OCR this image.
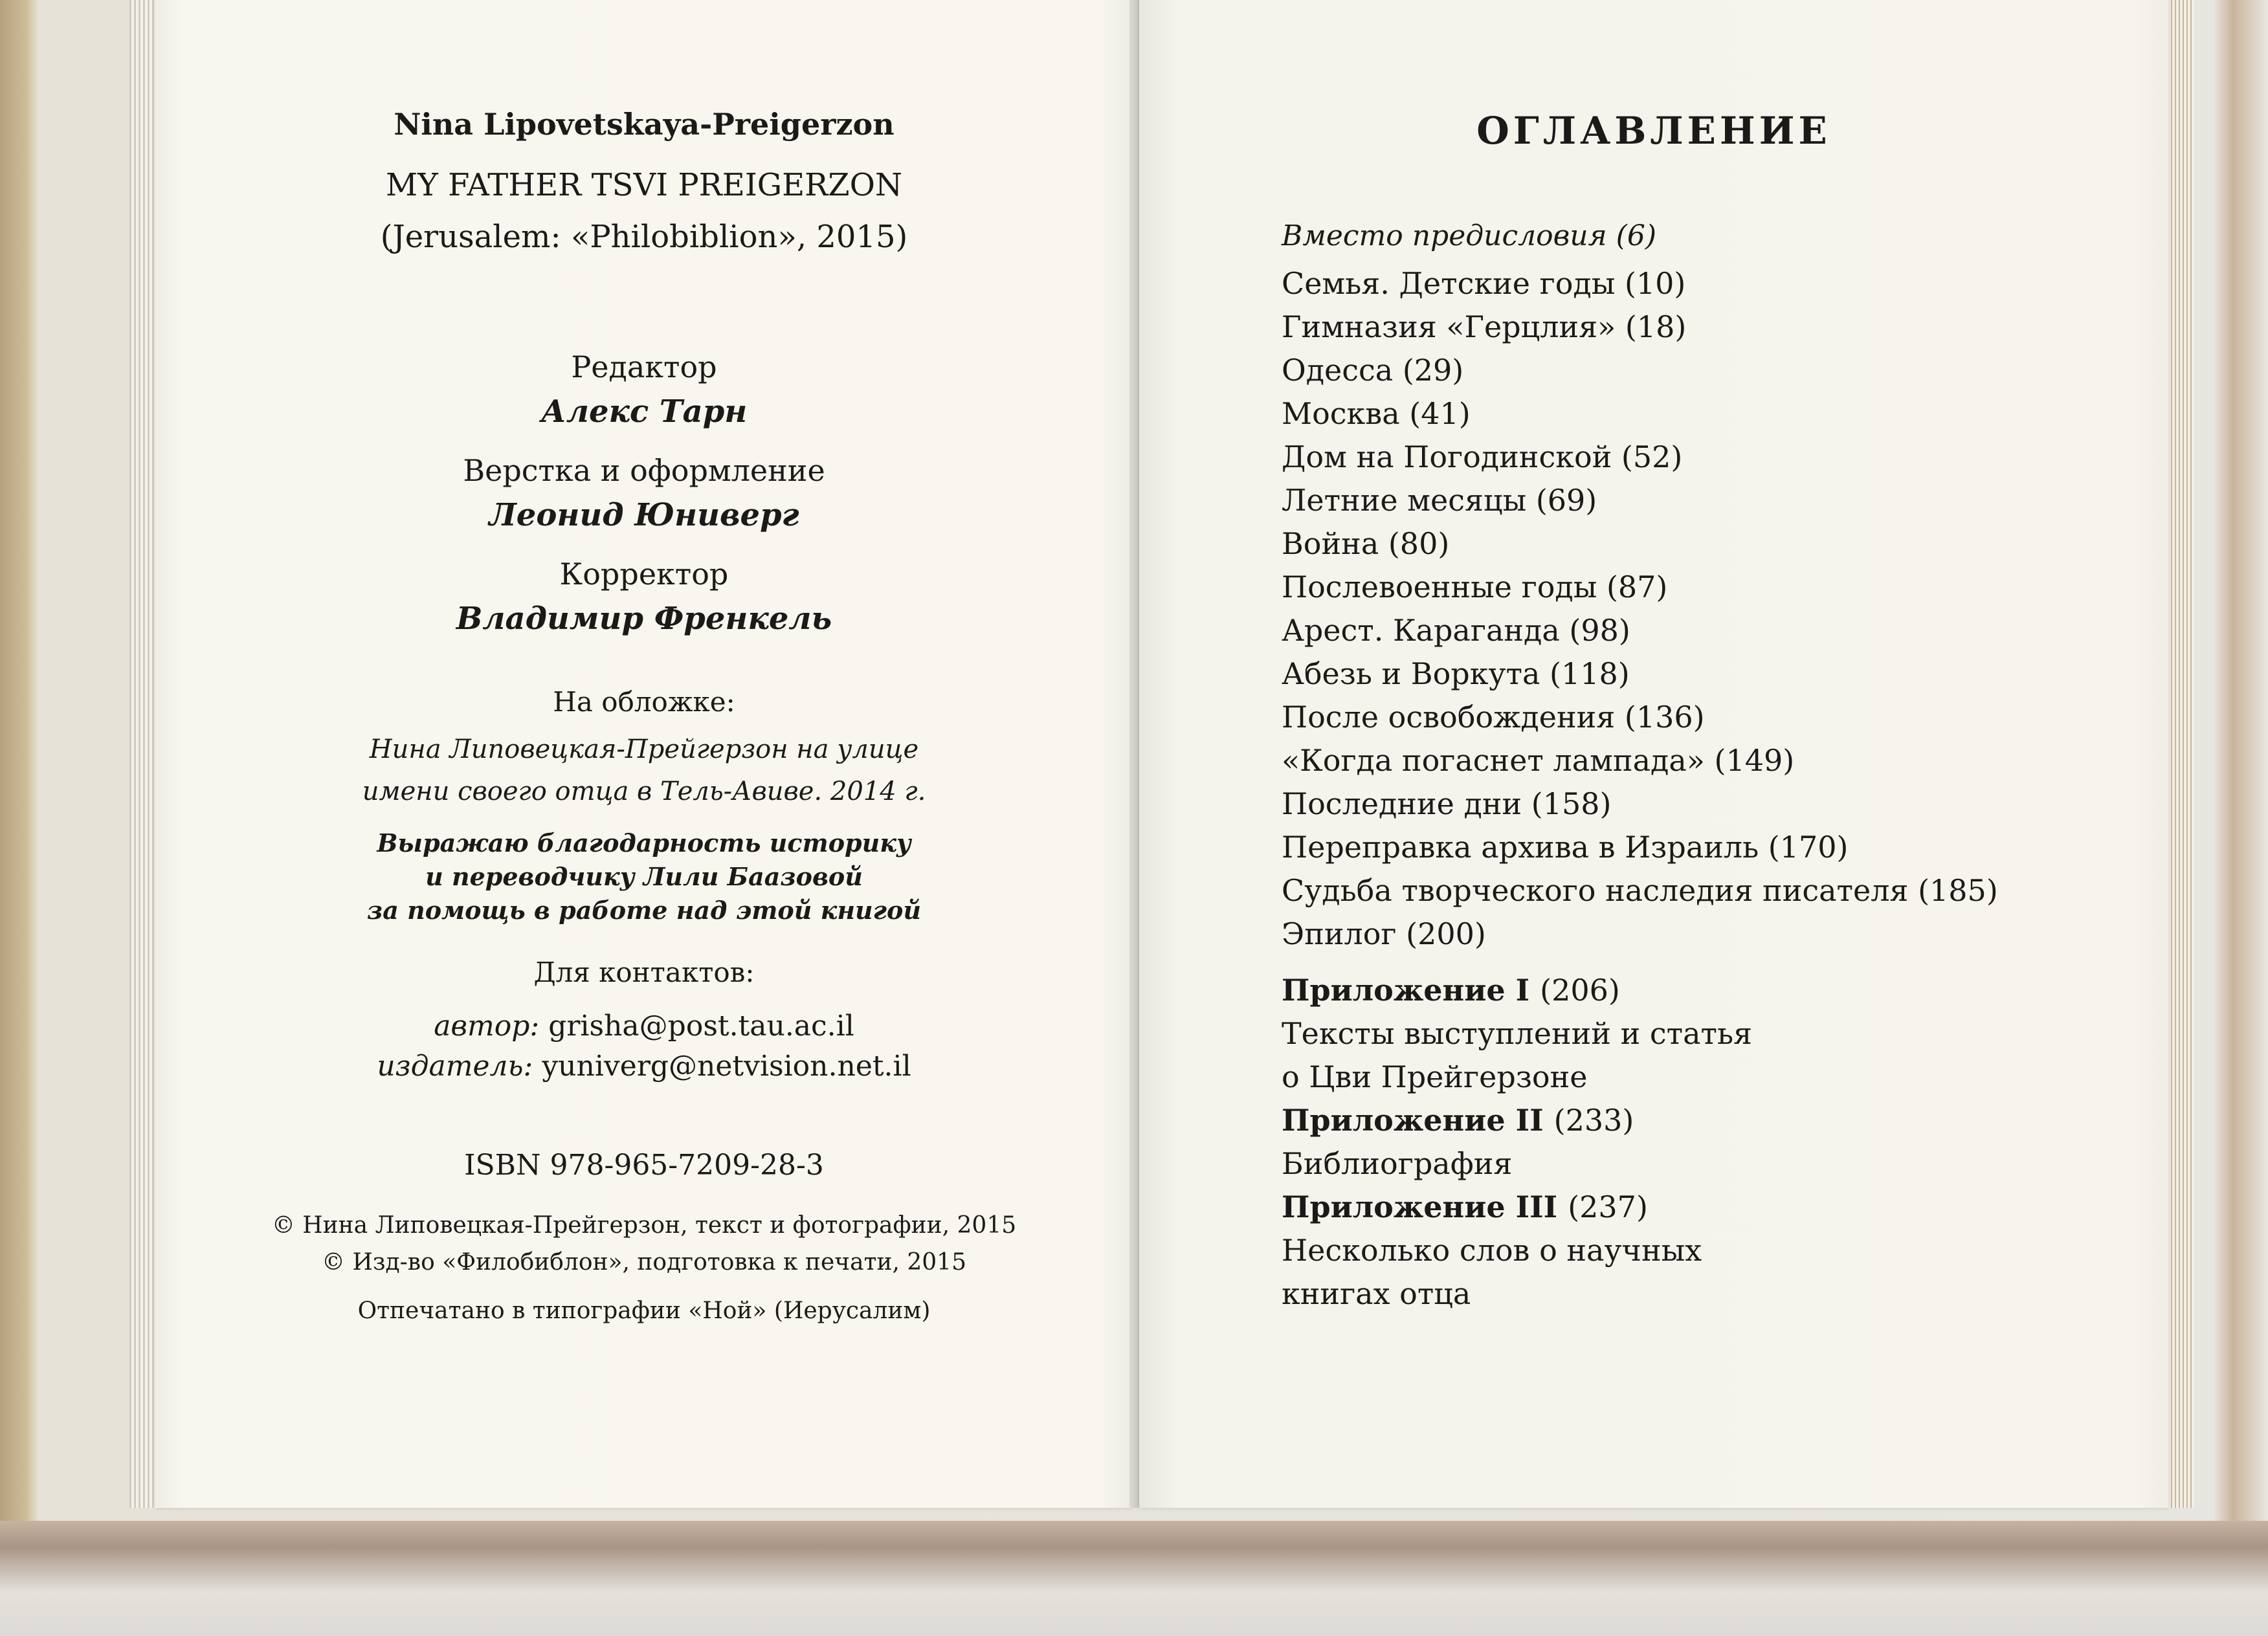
Nina Lipovetskaya-Preigerzon
MY FATHER TSVI PREIGERZON
(Jerusalem: «Philobiblion», 2015)
Редактор
Алекс Тарн
Верстка и оформление
Леонид Юниверг
Корректор
Владимир Френкель
На обложке:
Нина Липовецкая-Прейгерзон на улице
имени своего отца в Тель-Авиве. 2014 г.
Выражаю благодарность историку
и переводчику Лили Баазовой
за помощь в работе над этой книгой
Для контактов:
автор: grisha@post.tau.ac.il
издатель: yuniverg@netvision.net.il
ISBN 978-965-7209-28-3
© Нина Липовецкая-Прейгерзон, текст и фотографии, 2015
© Изд-во «Филобиблон», подготовка к печати, 2015
Отпечатано в типографии «Ной» (Иерусалим)
ОГЛАВЛЕНИЕ
Вместо предисловия (6)
Семья. Детские годы (10)
Гимназия «Герцлия» (18)
Одесса (29)
Москва (41)
Дом на Погодинской (52)
Летние месяцы (69)
Война (80)
Послевоенные годы (87)
Арест. Караганда (98)
Абезь и Воркута (118)
После освобождения (136)
«Когда погаснет лампада» (149)
Последние дни (158)
Переправка архива в Израиль (170)
Судьба творческого наследия писателя (185)
Эпилог (200)
Приложение I (206)
Тексты выступлений и статья
о Цви Прейгерзоне
Приложение II (233)
Библиография
Приложение III (237)
Несколько слов о научных
книгах отца
